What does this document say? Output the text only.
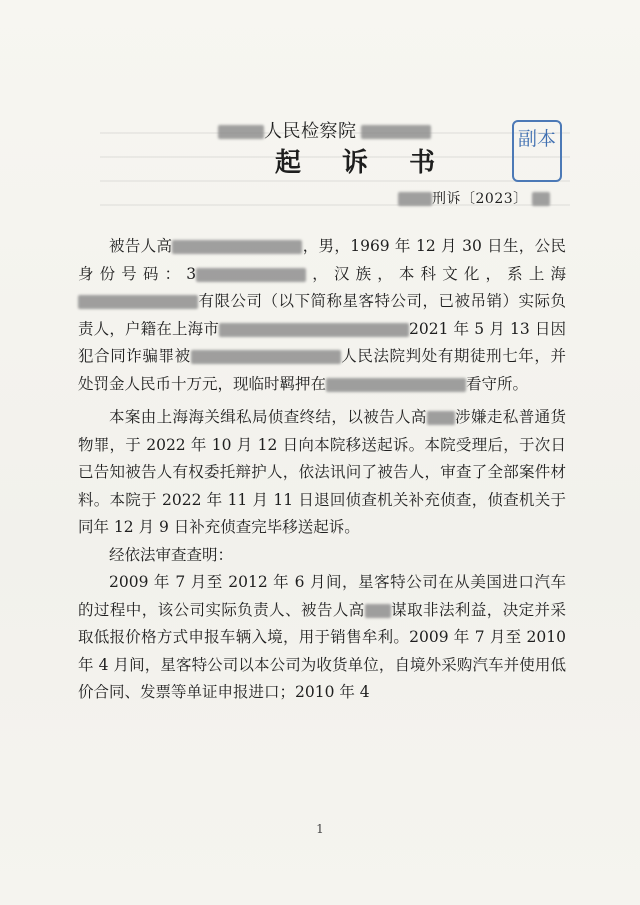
人民检察院
起 诉 书
刑诉〔2023〕
副本

被告人高	，男，1969 年 12 月 30 日生，公民身份号码：3	，汉族，本科文化，系上海有限公司（以下简称星客特公司，已被吊销）实际负责人，户籍在上海市	2021 年 5 月 13 日因犯合同诈骗罪被	人民法院判处有期徒刑七年，并处罚金人民币十万元，现临时羁押在	看守所。

本案由上海海关缉私局侦查终结，以被告人高 涉嫌走私普通货物罪，于 2022 年 10 月 12 日向本院移送起诉。本院受理后，于次日已告知被告人有权委托辩护人，依法讯问了被告人，审查了全部案件材料。本院于 2022 年 11 月 11 日退回侦查机关补充侦查，侦查机关于同年 12 月 9 日补充侦查完毕移送起诉。

经依法审查查明：

2009 年 7 月至 2012 年 6 月间，星客特公司在从美国进口汽车的过程中，该公司实际负责人、被告人高 谋取非法利益，决定并采取低报价格方式申报车辆入境，用于销售牟利。2009 年 7 月至 2010 年 4 月间，星客特公司以本公司为收货单位，自境外采购汽车并使用低价合同、发票等单证申报进口；2010 年 4

1
